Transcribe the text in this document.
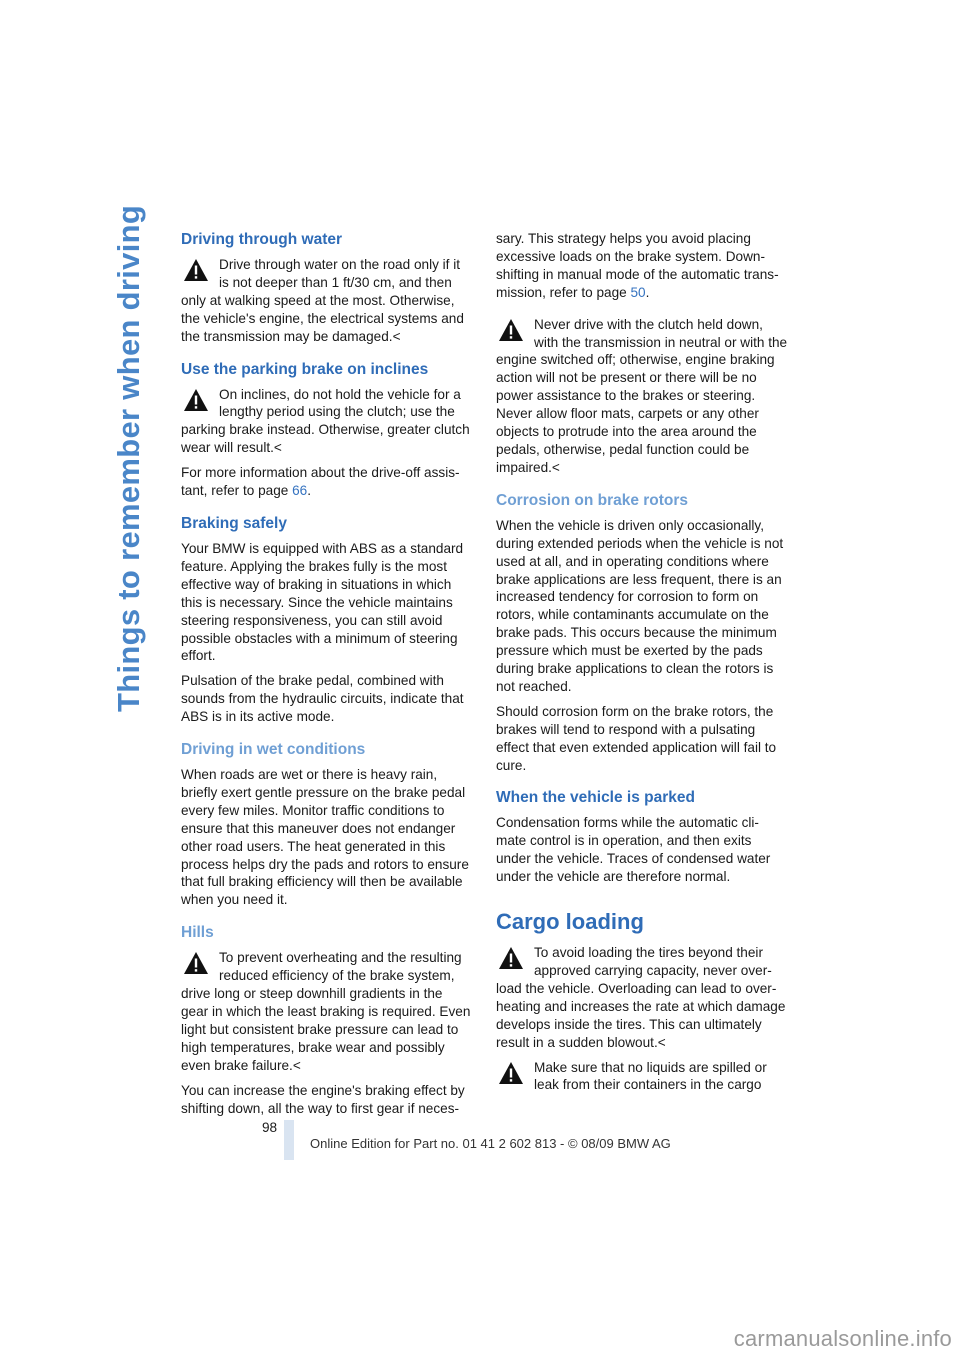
Things to remember when driving Driving through water
Drive through water on the road only if it is not deeper than 1 ft/30 cm, and then only at walking speed at the most. Otherwise, the vehicle's engine, the electrical systems and the transmission may be damaged.<
Use the parking brake on inclines
On inclines, do not hold the vehicle for a lengthy period using the clutch; use the parking brake instead. Otherwise, greater clutch wear will result.<

For more information about the drive-off assis-tant, refer to page 66.

Braking safely

Your BMW is equipped with ABS as a standard feature. Applying the brakes fully is the most effective way of braking in situations in which this is necessary. Since the vehicle maintains steering responsiveness, you can still avoid possible obstacles with a minimum of steering effort.

Pulsation of the brake pedal, combined with sounds from the hydraulic circuits, indicate that ABS is in its active mode.

Driving in wet conditions

When roads are wet or there is heavy rain, briefly exert gentle pressure on the brake pedal every few miles. Monitor traffic conditions to ensure that this maneuver does not endanger other road users. The heat generated in this process helps dry the pads and rotors to ensure that full braking efficiency will then be available when you need it.

Hills
To prevent overheating and the resulting reduced efficiency of the brake system, drive long or steep downhill gradients in the gear in which the least braking is required. Even light but consistent brake pressure can lead to high temperatures, brake wear and possibly even brake failure.<

You can increase the engine's braking effect by shifting down, all the way to first gear if neces-

sary. This strategy helps you avoid placing excessive loads on the brake system. Down-shifting in manual mode of the automatic trans-mission, refer to page 50.

Never drive with the clutch held down, with the transmission in neutral or with the engine switched off; otherwise, engine braking action will not be present or there will be no power assistance to the brakes or steering. Never allow floor mats, carpets or any other objects to protrude into the area around the pedals, otherwise, pedal function could be impaired.<
Corrosion on brake rotors

When the vehicle is driven only occasionally, during extended periods when the vehicle is not used at all, and in operating conditions where brake applications are less frequent, there is an increased tendency for corrosion to form on rotors, while contaminants accumulate on the brake pads. This occurs because the minimum pressure which must be exerted by the pads during brake applications to clean the rotors is not reached.

Should corrosion form on the brake rotors, the brakes will tend to respond with a pulsating effect that even extended application will fail to cure.

When the vehicle is parked

Condensation forms while the automatic cli-mate control is in operation, and then exits under the vehicle. Traces of condensed water under the vehicle are therefore normal.

Cargo loading
To avoid loading the tires beyond their approved carrying capacity, never over-load the vehicle. Overloading can lead to over-heating and increases the rate at which damage develops inside the tires. This can ultimately result in a sudden blowout.<
Make sure that no liquids are spilled or leak from their containers in the cargo
98
Online Edition for Part no. 01 41 2 602 813 - © 08/09 BMW AG
carmanualsonline.info
